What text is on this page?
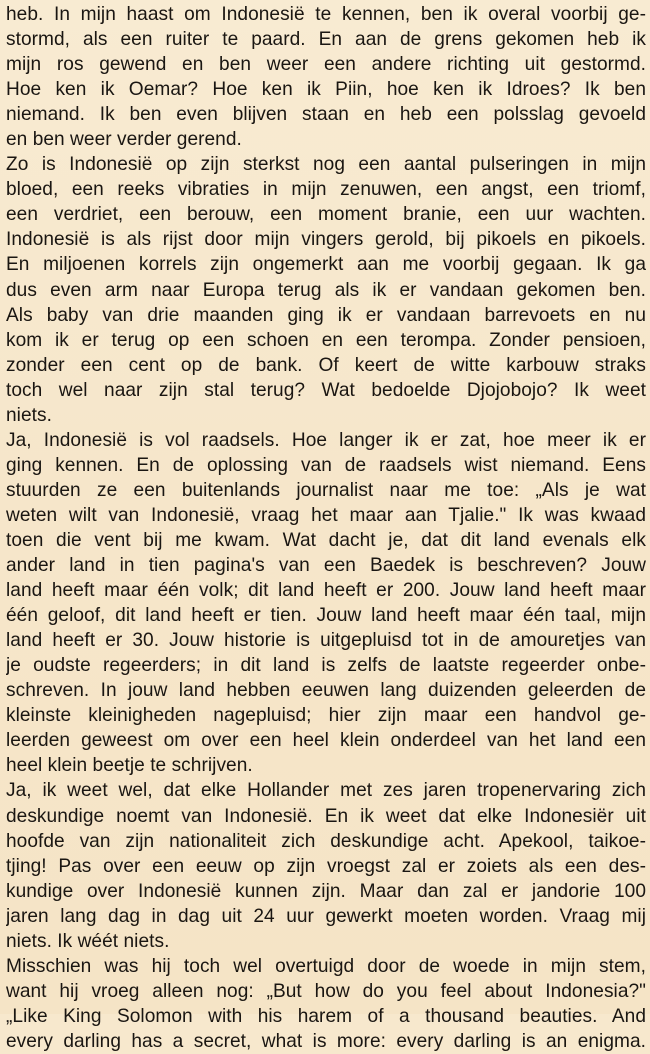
heb. In mijn haast om Indonesië te kennen, ben ik overal voorbij ge-
stormd, als een ruiter te paard. En aan de grens gekomen heb ik
mijn ros gewend en ben weer een andere richting uit gestormd.
Hoe ken ik Oemar? Hoe ken ik Piin, hoe ken ik Idroes? Ik ben
niemand. Ik ben even blijven staan en heb een polsslag gevoeld
en ben weer verder gerend.
Zo is Indonesië op zijn sterkst nog een aantal pulseringen in mijn
bloed, een reeks vibraties in mijn zenuwen, een angst, een triomf,
een verdriet, een berouw, een moment branie, een uur wachten.
Indonesië is als rijst door mijn vingers gerold, bij pikoels en pikoels.
En miljoenen korrels zijn ongemerkt aan me voorbij gegaan. Ik ga
dus even arm naar Europa terug als ik er vandaan gekomen ben.
Als baby van drie maanden ging ik er vandaan barrevoets en nu
kom ik er terug op een schoen en een terompa. Zonder pensioen,
zonder een cent op de bank. Of keert de witte karbouw straks
toch wel naar zijn stal terug? Wat bedoelde Djojobojo? Ik weet
niets.
Ja, Indonesië is vol raadsels. Hoe langer ik er zat, hoe meer ik er
ging kennen. En de oplossing van de raadsels wist niemand. Eens
stuurden ze een buitenlands journalist naar me toe: „Als je wat
weten wilt van Indonesië, vraag het maar aan Tjalie." Ik was kwaad
toen die vent bij me kwam. Wat dacht je, dat dit land evenals elk
ander land in tien pagina's van een Baedek is beschreven? Jouw
land heeft maar één volk; dit land heeft er 200. Jouw land heeft maar
één geloof, dit land heeft er tien. Jouw land heeft maar één taal, mijn
land heeft er 30. Jouw historie is uitgepluisd tot in de amouretjes van
je oudste regeerders; in dit land is zelfs de laatste regeerder onbe-
schreven. In jouw land hebben eeuwen lang duizenden geleerden de
kleinste kleinigheden nagepluisd; hier zijn maar een handvol ge-
leerden geweest om over een heel klein onderdeel van het land een
heel klein beetje te schrijven.
Ja, ik weet wel, dat elke Hollander met zes jaren tropenervaring zich
deskundige noemt van Indonesië. En ik weet dat elke Indonesiër uit
hoofde van zijn nationaliteit zich deskundige acht. Apekool, taikoe-
tjing! Pas over een eeuw op zijn vroegst zal er zoiets als een des-
kundige over Indonesië kunnen zijn. Maar dan zal er jandorie 100
jaren lang dag in dag uit 24 uur gewerkt moeten worden. Vraag mij
niets. Ik wéét niets.
Misschien was hij toch wel overtuigd door de woede in mijn stem,
want hij vroeg alleen nog: „But how do you feel about Indonesia?"
„Like King Solomon with his harem of a thousand beauties. And
every darling has a secret, what is more: every darling is an enigma.
